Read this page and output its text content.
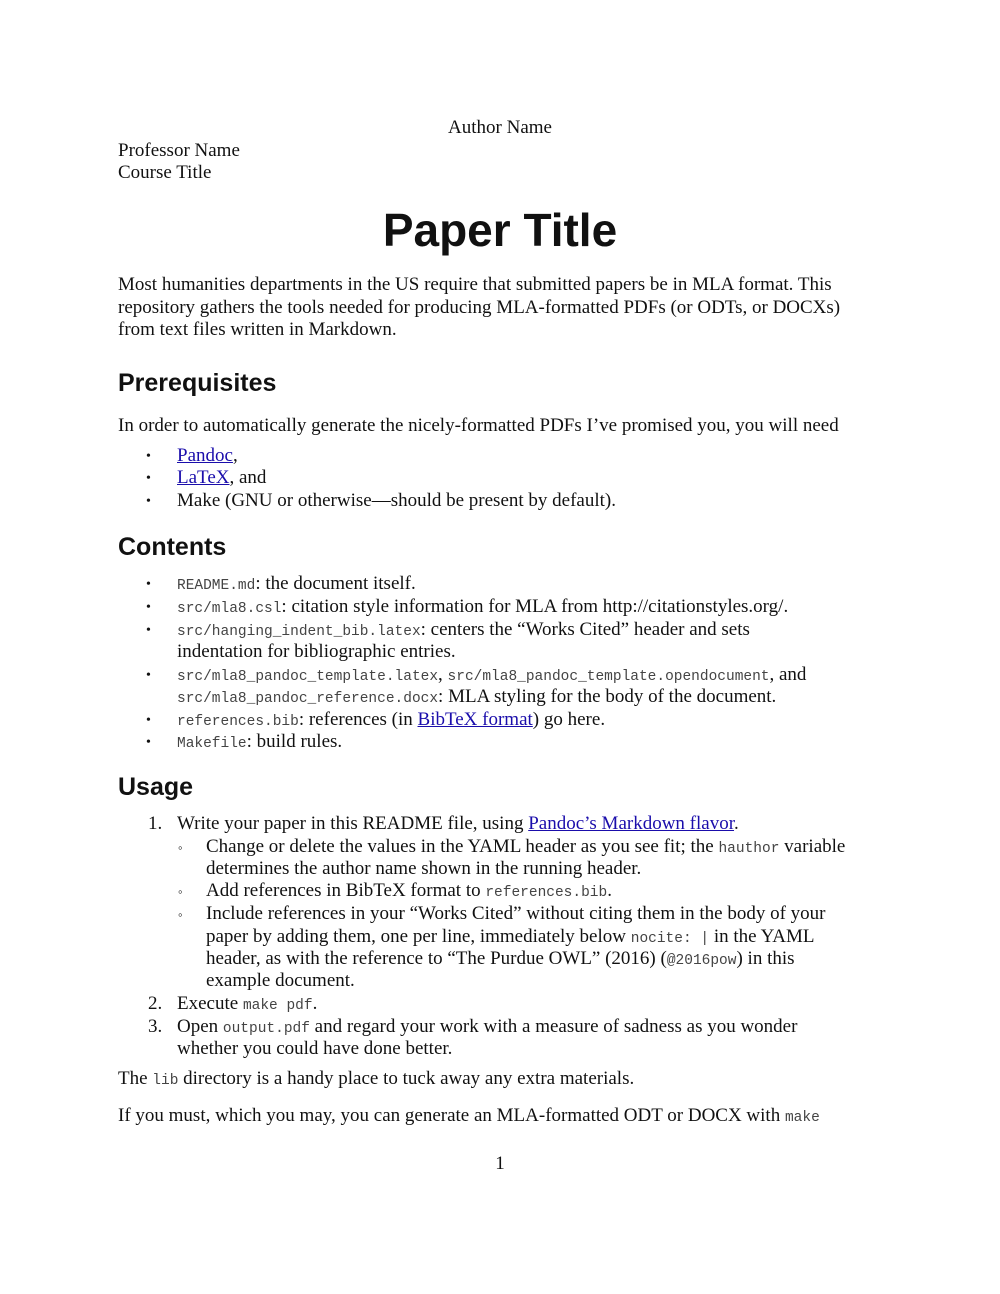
Author Name
Professor Name
Course Title
Paper Title
Most humanities departments in the US require that submitted papers be in MLA format. This
repository gathers the tools needed for producing MLA-formatted PDFs (or ODTs, or DOCXs)
from text files written in Markdown.
Prerequisites
In order to automatically generate the nicely-formatted PDFs I’ve promised you, you will need
• Pandoc,
• LaTeX, and
• Make (GNU or otherwise—should be present by default).
Contents
• README.md: the document itself.
• src/mla8.csl: citation style information for MLA from http://citationstyles.org/.
• src/hanging_indent_bib.latex: centers the “Works Cited” header and sets
indentation for bibliographic entries.
• src/mla8_pandoc_template.latex, src/mla8_pandoc_template.opendocument, and
src/mla8_pandoc_reference.docx: MLA styling for the body of the document.
• references.bib: references (in BibTeX format) go here.
• Makefile: build rules.
Usage
1. Write your paper in this README file, using Pandoc’s Markdown flavor.
◦ Change or delete the values in the YAML header as you see fit; the hauthor variable
determines the author name shown in the running header.
◦ Add references in BibTeX format to references.bib.
◦ Include references in your “Works Cited” without citing them in the body of your
paper by adding them, one per line, immediately below nocite: | in the YAML
header, as with the reference to “The Purdue OWL” (2016) (@2016pow) in this
example document.
2. Execute make pdf.
3. Open output.pdf and regard your work with a measure of sadness as you wonder
whether you could have done better.
The lib directory is a handy place to tuck away any extra materials.
If you must, which you may, you can generate an MLA-formatted ODT or DOCX with make
1
